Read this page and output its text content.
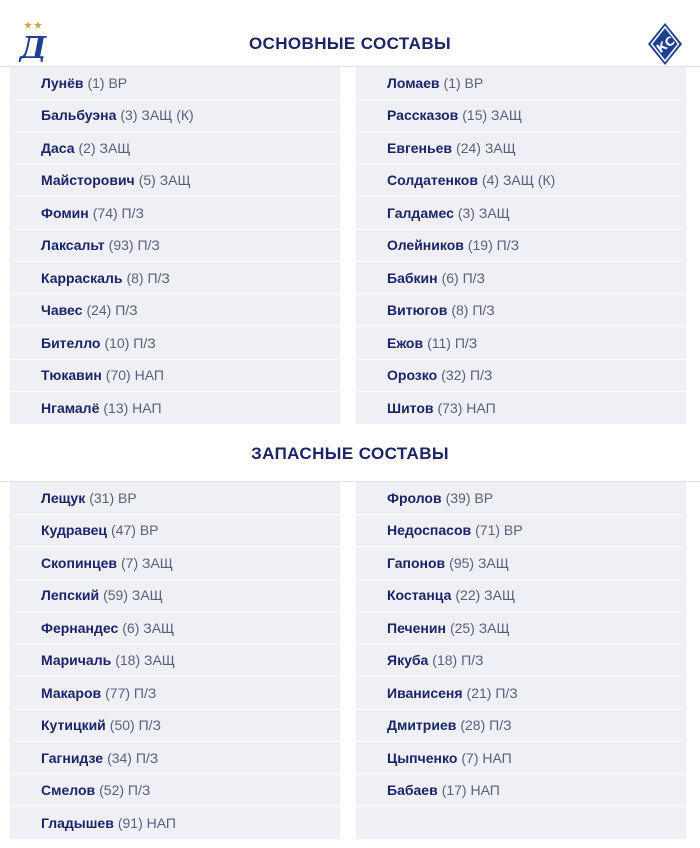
Д	ОСНОВНЫЕ СОСТАВЫ	КС
Лунёв (1) ВР
Бальбуэна (3) ЗАЩ (К)
Даса (2) ЗАЩ
Майсторович (5) ЗАЩ
Фомин (74) П/З
Лаксальт (93) П/З
Карраскаль (8) П/З
Чавес (24) П/З
Бителло (10) П/З
Тюкавин (70) НАП
Нгамалё (13) НАП
Ломаев (1) ВР
Рассказов (15) ЗАЩ
Евгеньев (24) ЗАЩ
Солдатенков (4) ЗАЩ (К)
Галдамес (3) ЗАЩ
Олейников (19) П/З
Бабкин (6) П/З
Витюгов (8) П/З
Ежов (11) П/З
Орозко (32) П/З
Шитов (73) НАП
ЗАПАСНЫЕ СОСТАВЫ
Лещук (31) ВР
Кудравец (47) ВР
Скопинцев (7) ЗАЩ
Лепский (59) ЗАЩ
Фернандес (6) ЗАЩ
Маричаль (18) ЗАЩ
Макаров (77) П/З
Кутицкий (50) П/З
Гагнидзе (34) П/З
Смелов (52) П/З
Гладышев (91) НАП
Фролов (39) ВР
Недоспасов (71) ВР
Гапонов (95) ЗАЩ
Костанца (22) ЗАЩ
Печенин (25) ЗАЩ
Якуба (18) П/З
Иванисеня (21) П/З
Дмитриев (28) П/З
Цыпченко (7) НАП
Бабаев (17) НАП
